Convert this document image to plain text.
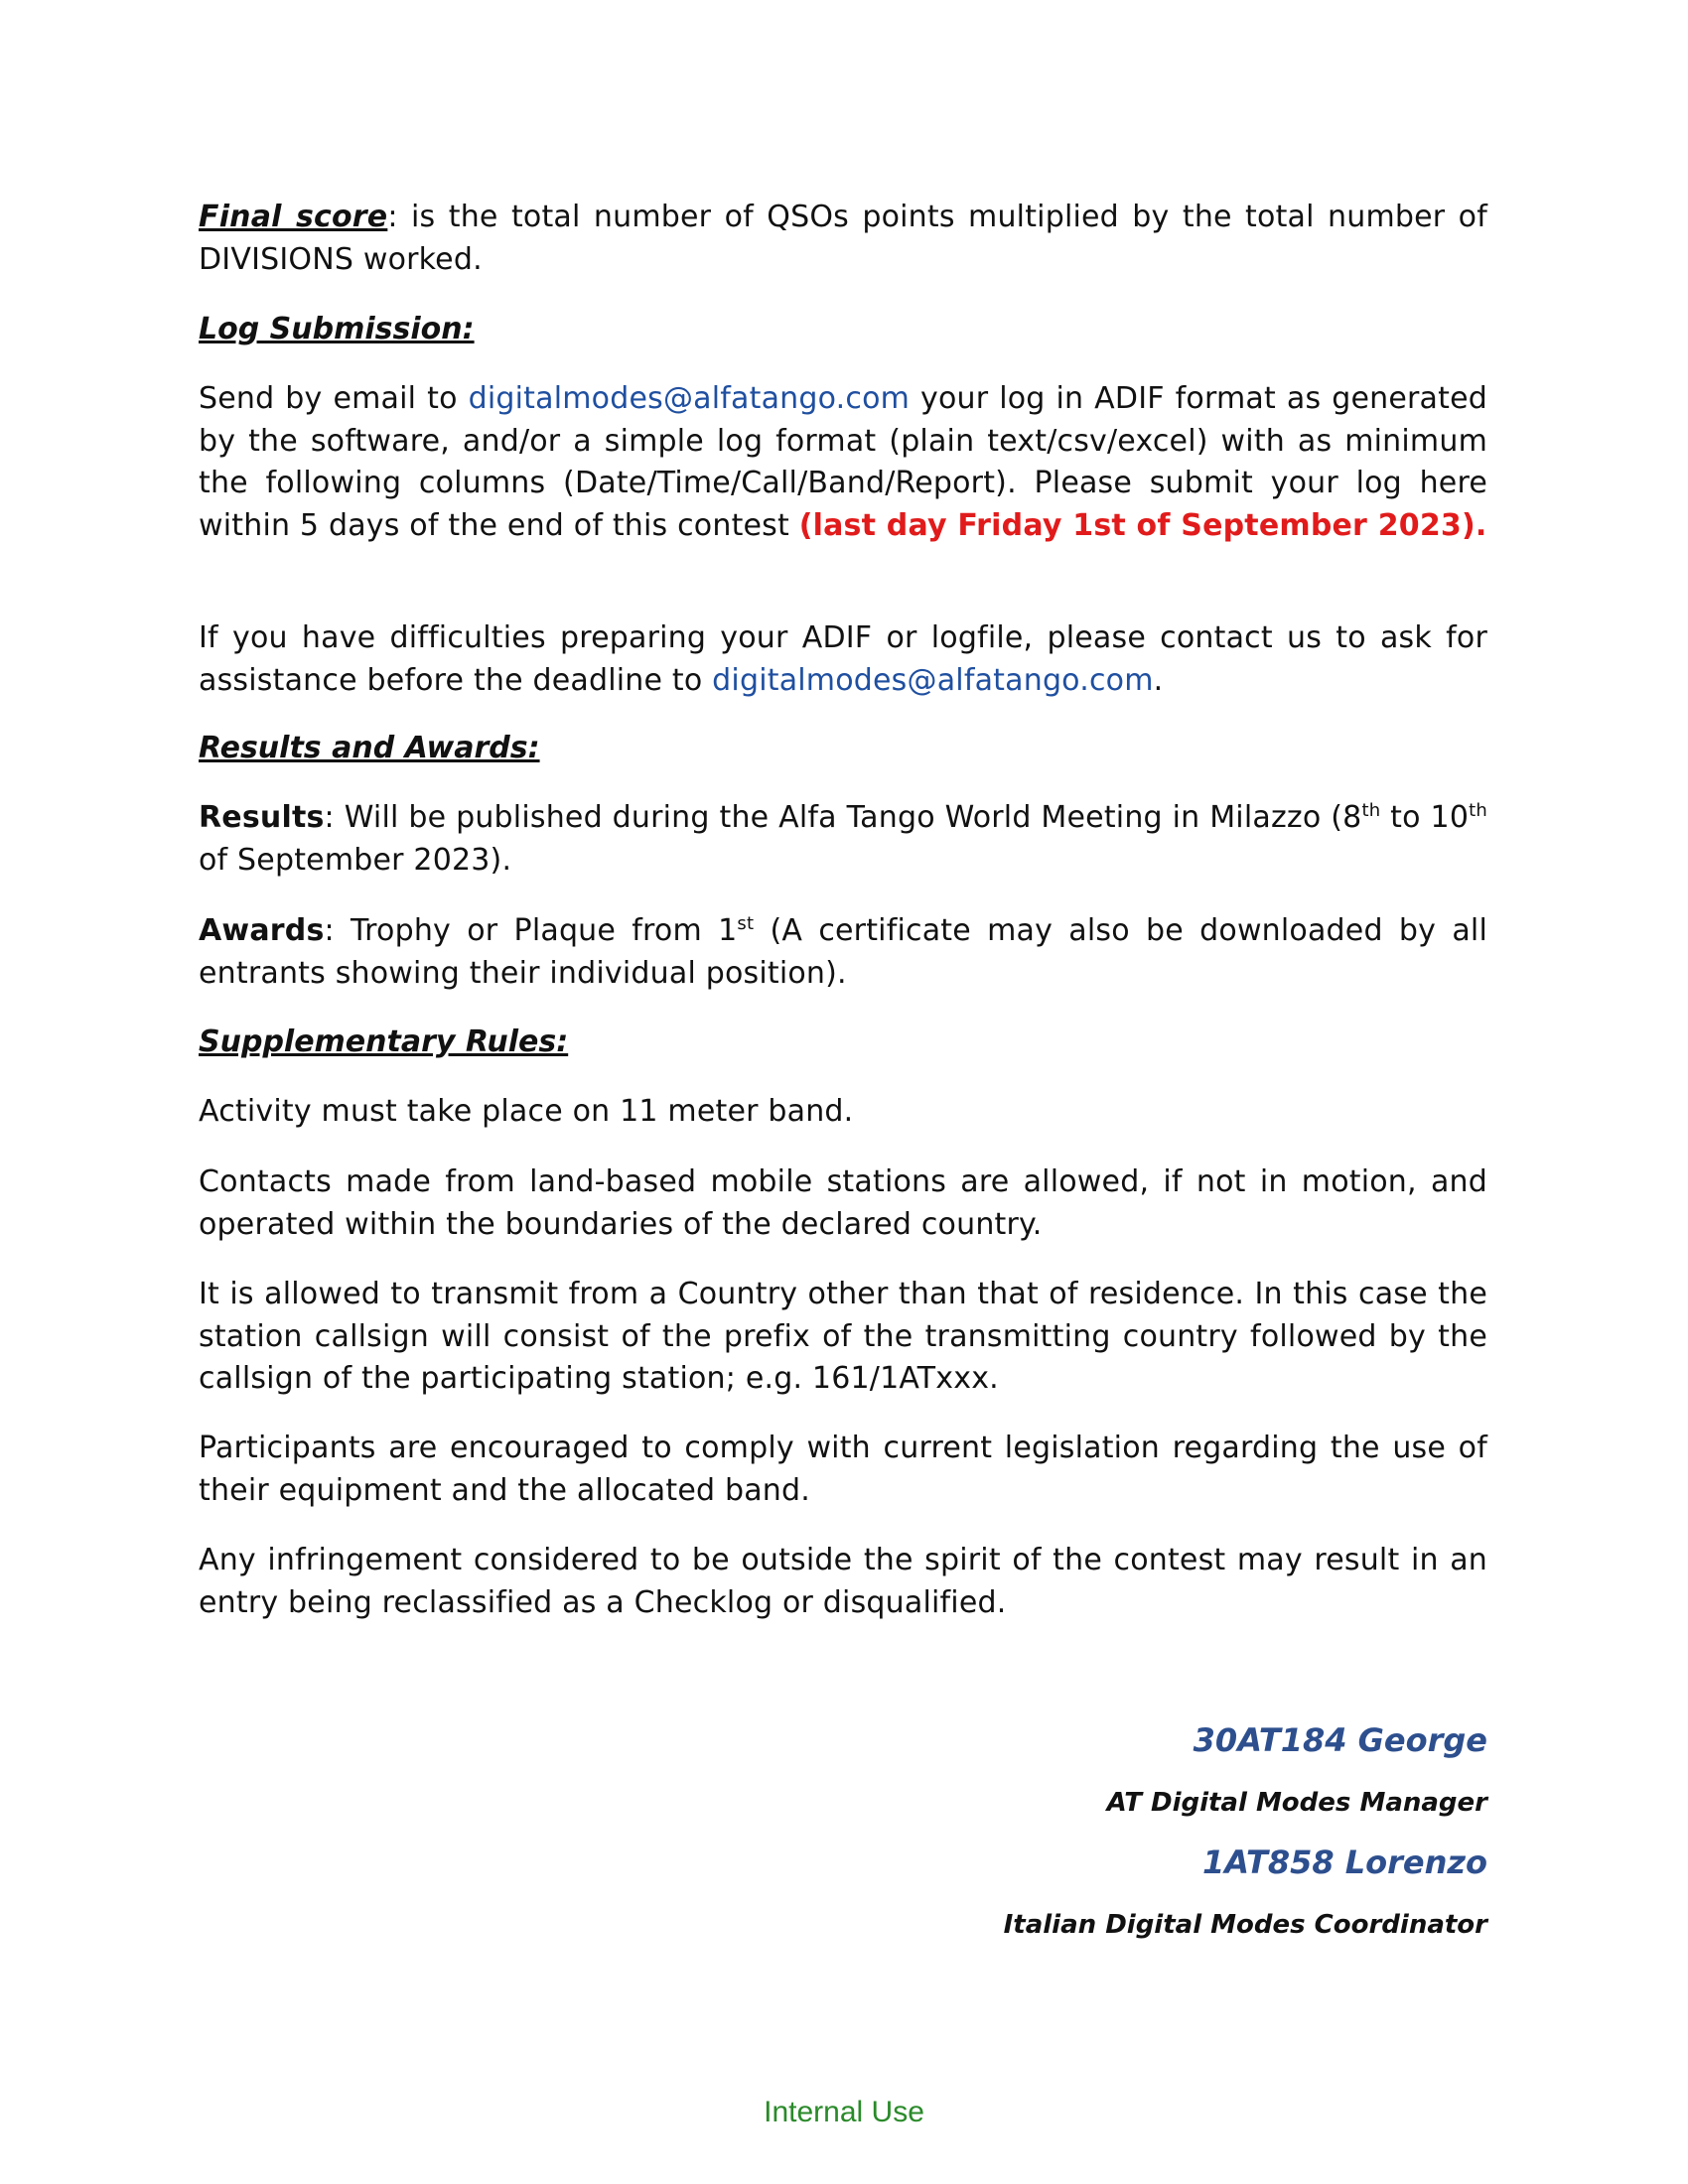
Final score: is the total number of QSOs points multiplied by the total number of DIVISIONS worked.

Log Submission:

Send by email to digitalmodes@alfatango.com your log in ADIF format as generated by the software, and/or a simple log format (plain text/csv/excel) with as minimum the following columns (Date/Time/Call/Band/Report). Please submit your log here within 5 days of the end of this contest (last day Friday 1st of September 2023).

If you have difficulties preparing your ADIF or logfile, please contact us to ask for assistance before the deadline to digitalmodes@alfatango.com.

Results and Awards:

Results: Will be published during the Alfa Tango World Meeting in Milazzo (8th to 10th of September 2023).

Awards: Trophy or Plaque from 1st (A certificate may also be downloaded by all entrants showing their individual position).

Supplementary Rules:

Activity must take place on 11 meter band.

Contacts made from land-based mobile stations are allowed, if not in motion, and operated within the boundaries of the declared country.

It is allowed to transmit from a Country other than that of residence. In this case the station callsign will consist of the prefix of the transmitting country followed by the callsign of the participating station; e.g. 161/1ATxxx.

Participants are encouraged to comply with current legislation regarding the use of their equipment and the allocated band.

Any infringement considered to be outside the spirit of the contest may result in an entry being reclassified as a Checklog or disqualified.

30AT184 George

AT Digital Modes Manager

1AT858 Lorenzo

Italian Digital Modes Coordinator

Internal Use
